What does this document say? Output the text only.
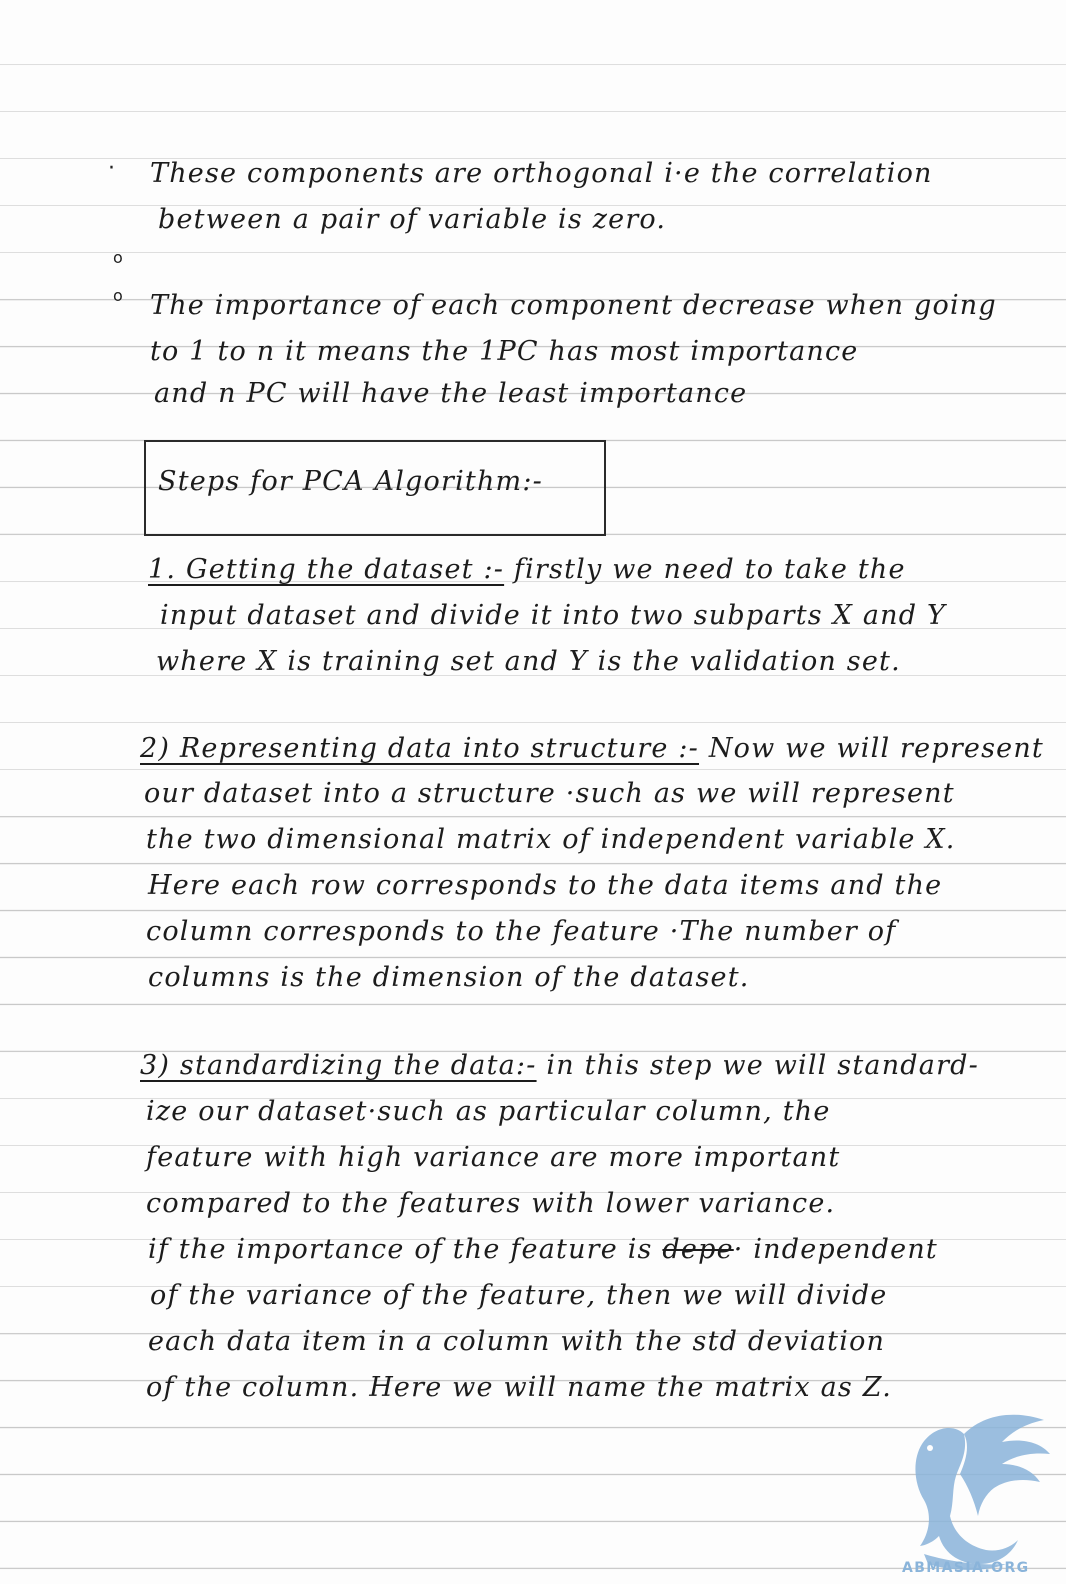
·
o
o
These components are orthogonal i·e the correlation
between a pair of variable is zero.
The importance of each component decrease when going
to 1 to n it means the 1PC has most importance
and n PC will have the least importance
Steps for PCA Algorithm:-
1. Getting the dataset :- firstly we need to take the
input dataset and divide it into two subparts X and Y
where X is training set and Y is the validation set.
2) Representing data into structure :- Now we will represent
our dataset into a structure ·such as we will represent
the two dimensional matrix of independent variable X.
Here each row corresponds to the data items and the
column corresponds to the feature ·The number of
columns is the dimension of the dataset.
3) standardizing the data:- in this step we will standard-
ize our dataset·such as particular column, the
feature with high variance are more important
compared to the features with lower variance.
if the importance of the feature is depe· independent
of the variance of the feature, then we will divide
each data item in a column with the std deviation
of the column. Here we will name the matrix as Z.
ABMASIA.ORG
